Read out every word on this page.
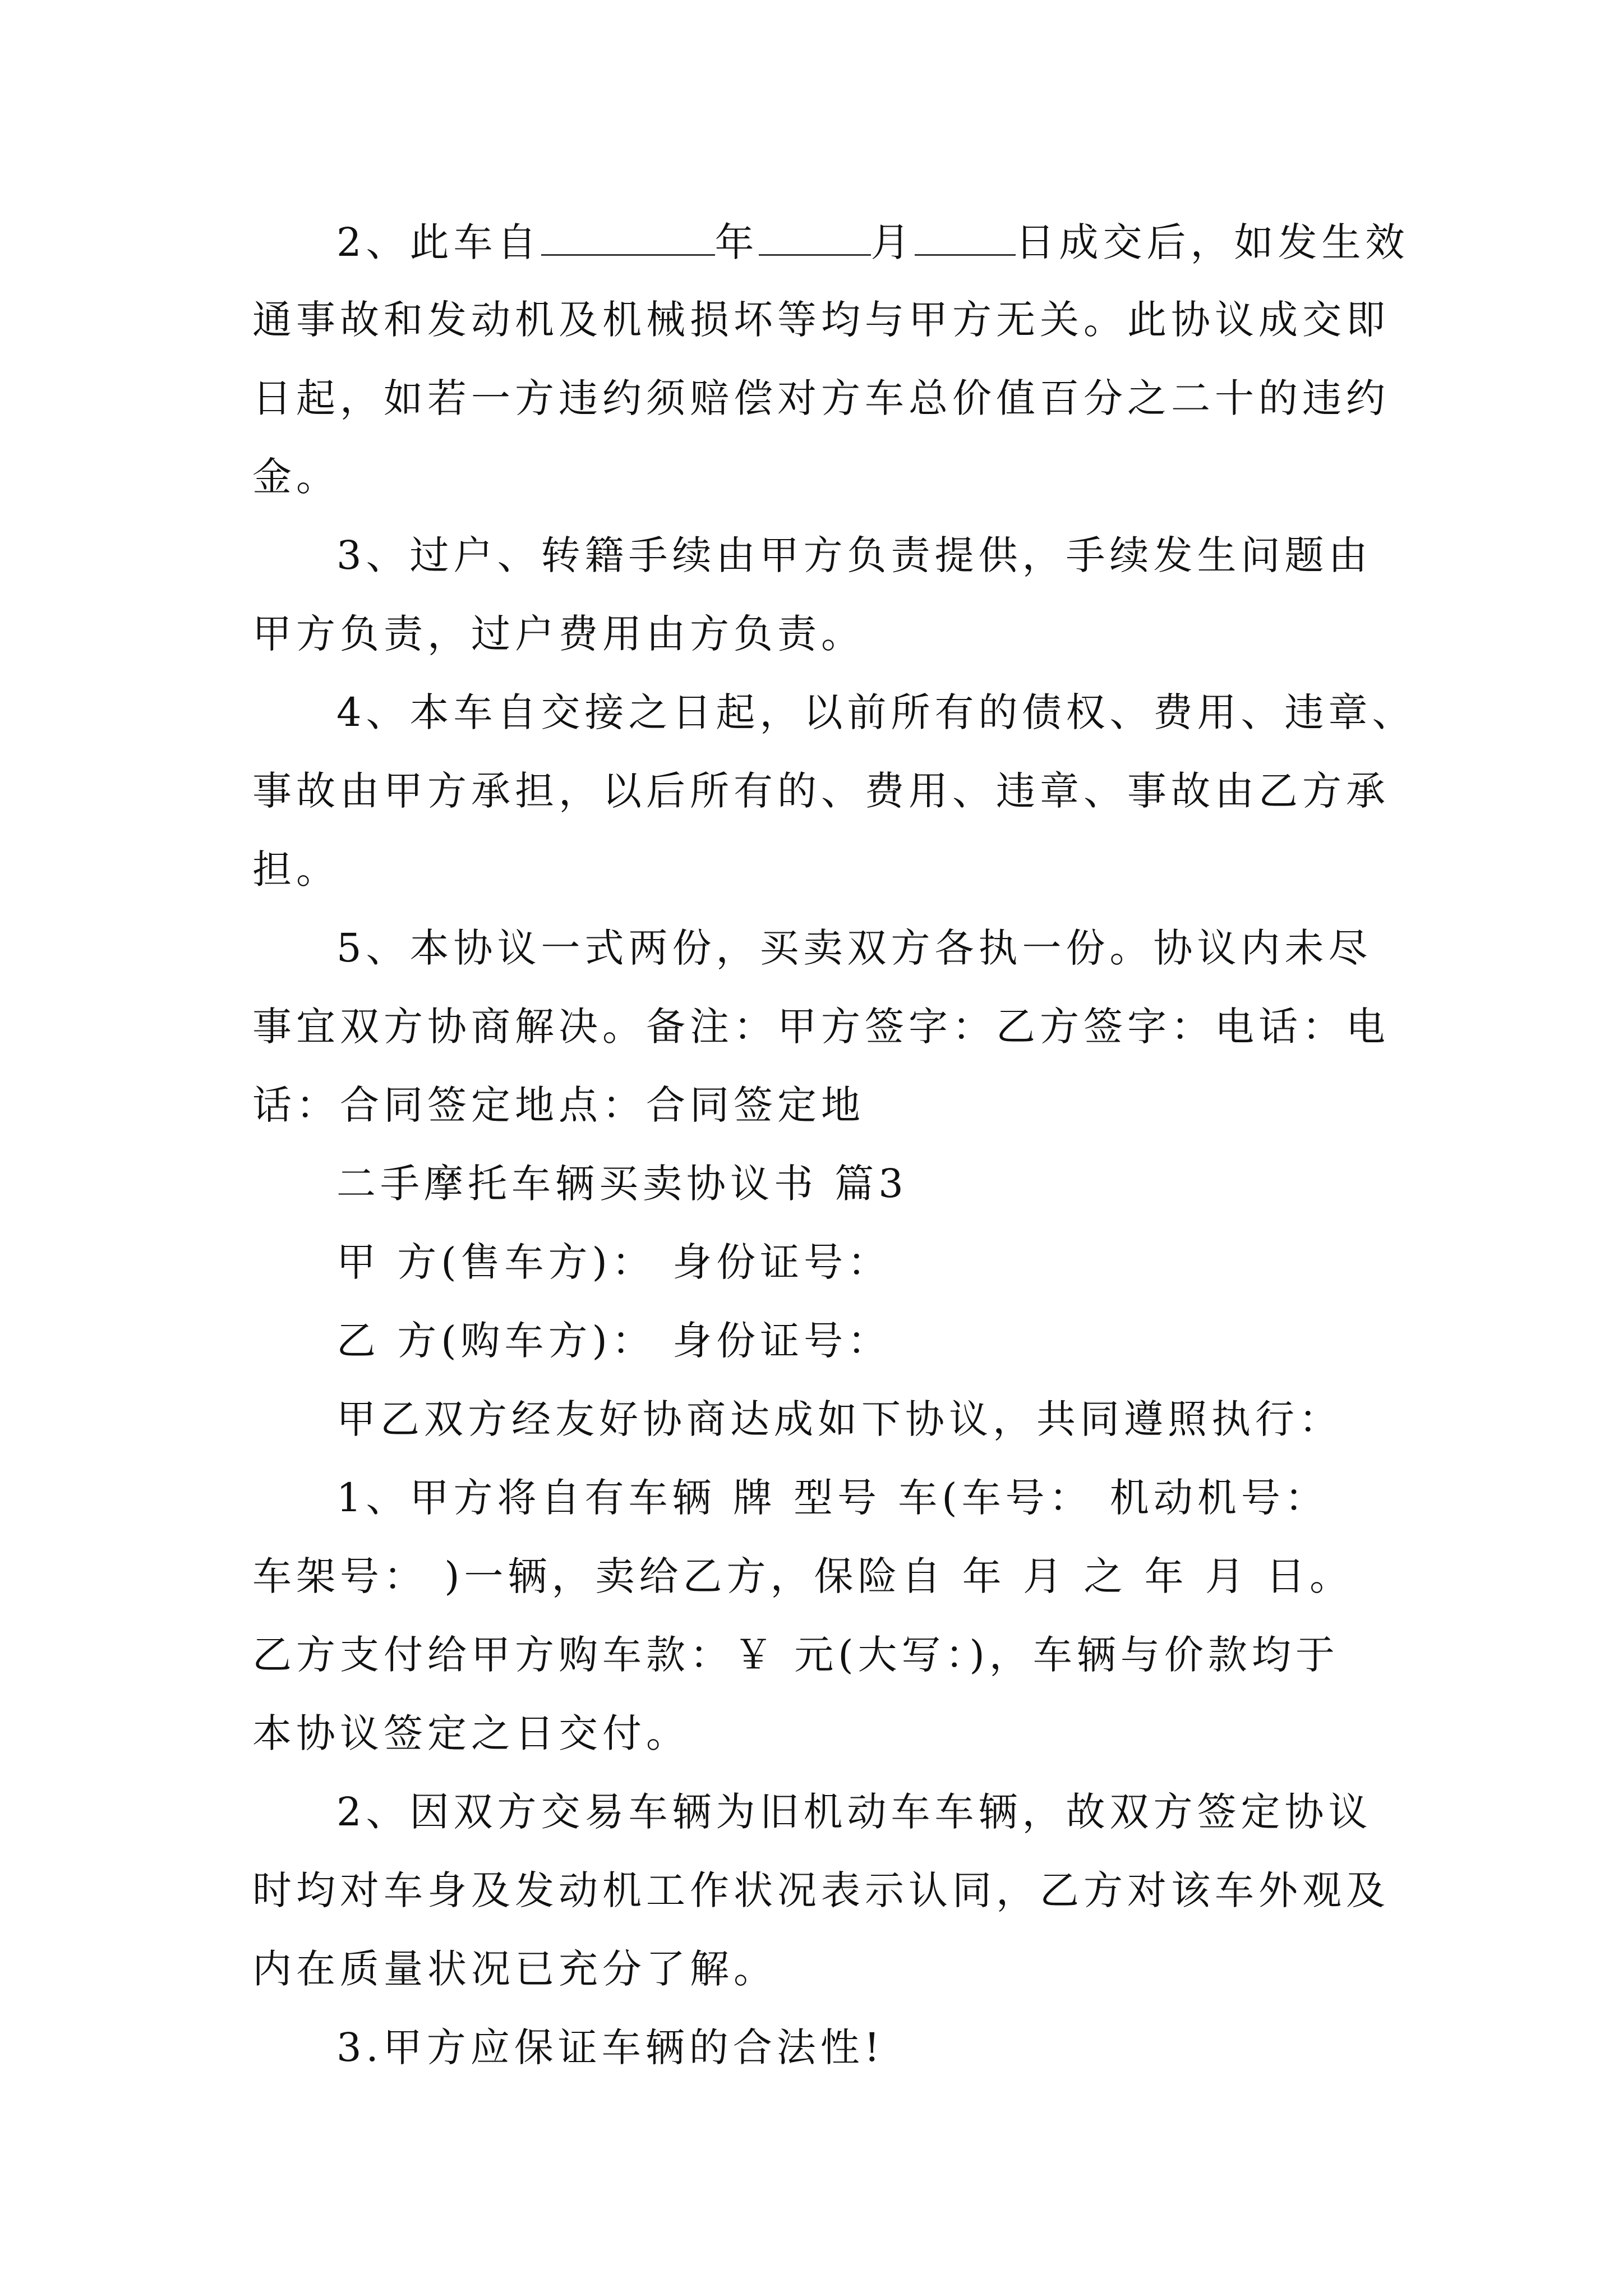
2、此车自	年	月	日成交后，如发生效

通事故和发动机及机械损坏等均与甲方无关。此协议成交即

日起，如若一方违约须赔偿对方车总价值百分之二十的违约

金。

3、过户、转籍手续由甲方负责提供，手续发生问题由

甲方负责，过户费用由方负责。

4、本车自交接之日起，以前所有的债权、费用、违章、

事故由甲方承担，以后所有的、费用、违章、事故由乙方承

担。

5、本协议一式两份，买卖双方各执一份。协议内未尽

事宜双方协商解决。备注：甲方签字：乙方签字：电话：电

话：合同签定地点：合同签定地

二手摩托车辆买卖协议书 篇3

甲 方(售车方)： 身份证号：

乙 方(购车方)： 身份证号：

甲乙双方经友好协商达成如下协议，共同遵照执行：

1、甲方将自有车辆 牌 型号 车(车号： 机动机号：

车架号： )一辆，卖给乙方，保险自 年 月 之 年 月 日。

乙方支付给甲方购车款：￥ 元(大写：)，车辆与价款均于

本协议签定之日交付。

2、因双方交易车辆为旧机动车车辆，故双方签定协议

时均对车身及发动机工作状况表示认同，乙方对该车外观及

内在质量状况已充分了解。

3.甲方应保证车辆的合法性!
